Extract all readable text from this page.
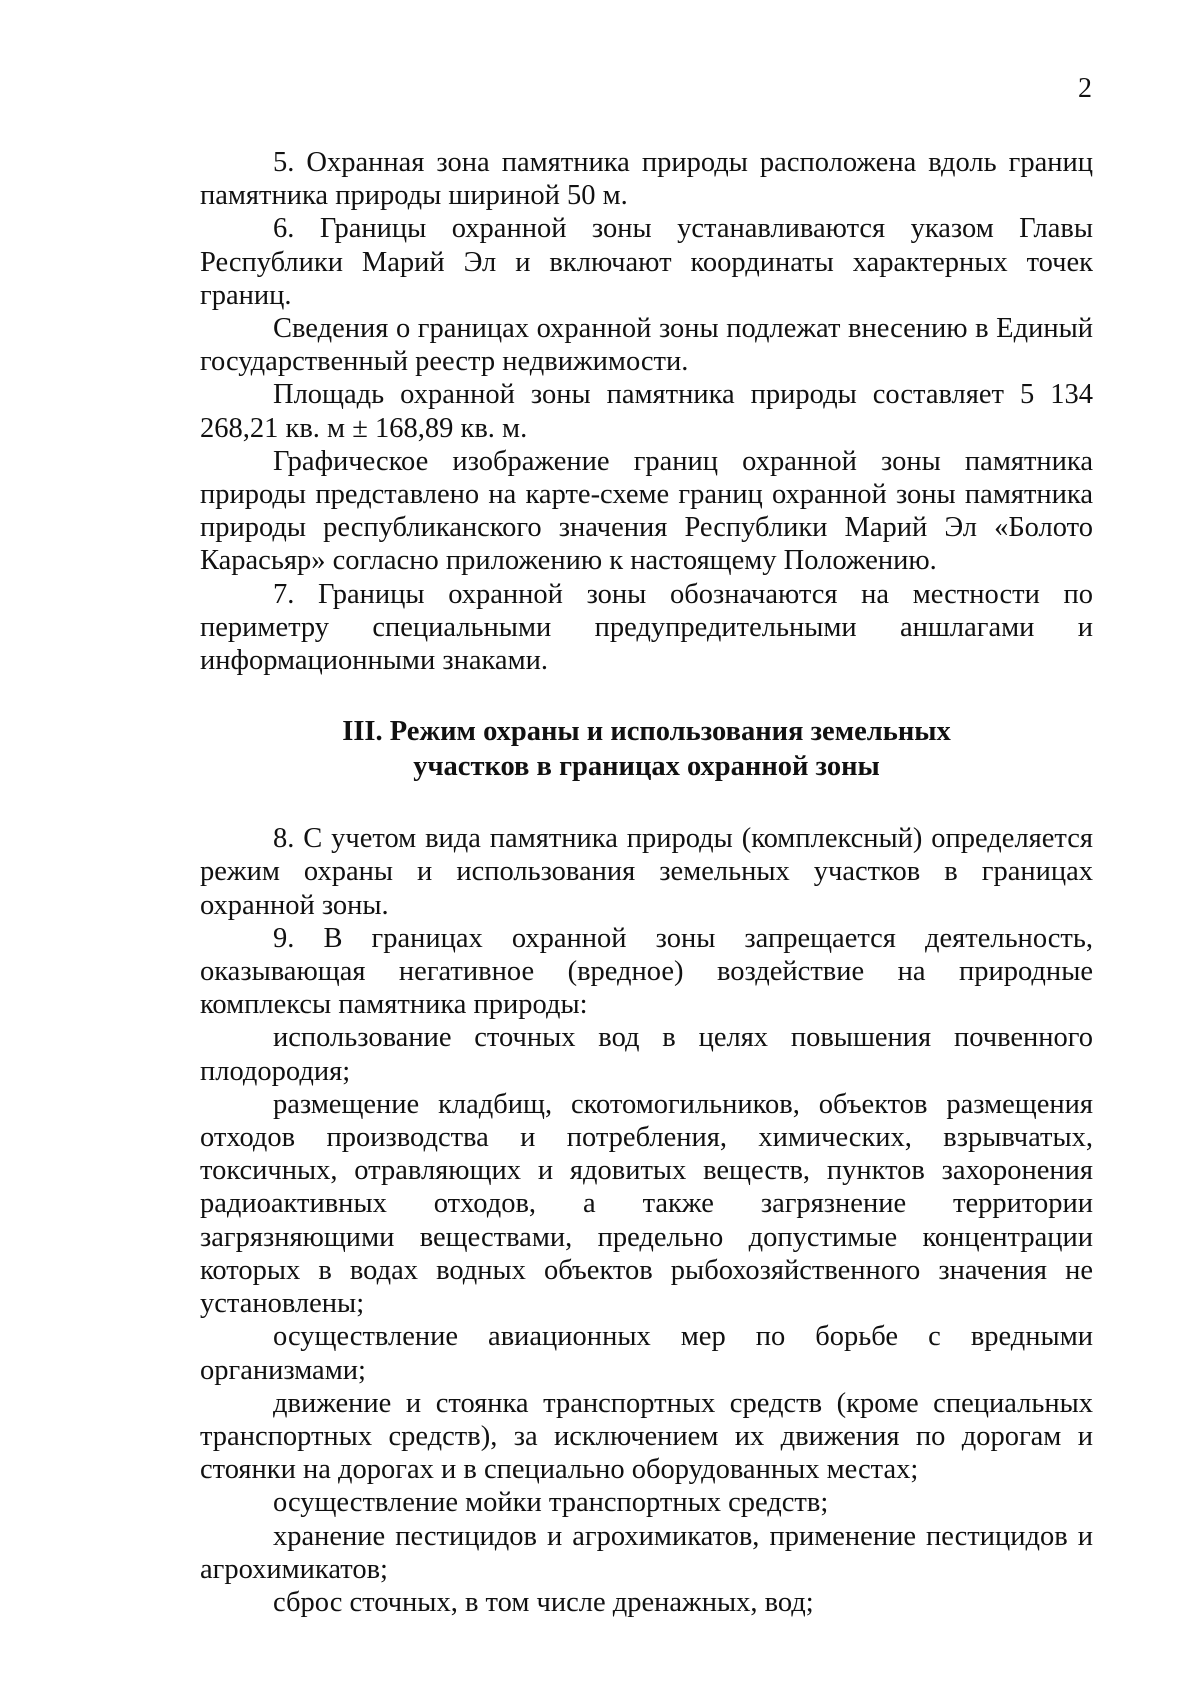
2

5. Охранная зона памятника природы расположена вдоль границ памятника природы шириной 50 м.

6. Границы охранной зоны устанавливаются указом Главы Республики Марий Эл и включают координаты характерных точек границ.

Сведения о границах охранной зоны подлежат внесению в Единый государственный реестр недвижимости.

Площадь охранной зоны памятника природы составляет 5 134 268,21 кв. м ± 168,89 кв. м.

Графическое изображение границ охранной зоны памятника природы представлено на карте-схеме границ охранной зоны памятника природы республиканского значения Республики Марий Эл «Болото Карасьяр» согласно приложению к настоящему Положению.

7. Границы охранной зоны обозначаются на местности по периметру специальными предупредительными аншлагами и информационными знаками.

III. Режим охраны и использования земельных
участков в границах охранной зоны

8. С учетом вида памятника природы (комплексный) определяется режим охраны и использования земельных участков в границах охранной зоны.

9. В границах охранной зоны запрещается деятельность, оказывающая негативное (вредное) воздействие на природные комплексы памятника природы:

использование сточных вод в целях повышения почвенного плодородия;

размещение кладбищ, скотомогильников, объектов размещения отходов производства и потребления, химических, взрывчатых, токсичных, отравляющих и ядовитых веществ, пунктов захоронения радиоактивных отходов, а также загрязнение территории загрязняющими веществами, предельно допустимые концентрации которых в водах водных объектов рыбохозяйственного значения не установлены;

осуществление авиационных мер по борьбе с вредными организмами;

движение и стоянка транспортных средств (кроме специальных транспортных средств), за исключением их движения по дорогам и стоянки на дорогах и в специально оборудованных местах;

осуществление мойки транспортных средств;

хранение пестицидов и агрохимикатов, применение пестицидов и агрохимикатов;

сброс сточных, в том числе дренажных, вод;
